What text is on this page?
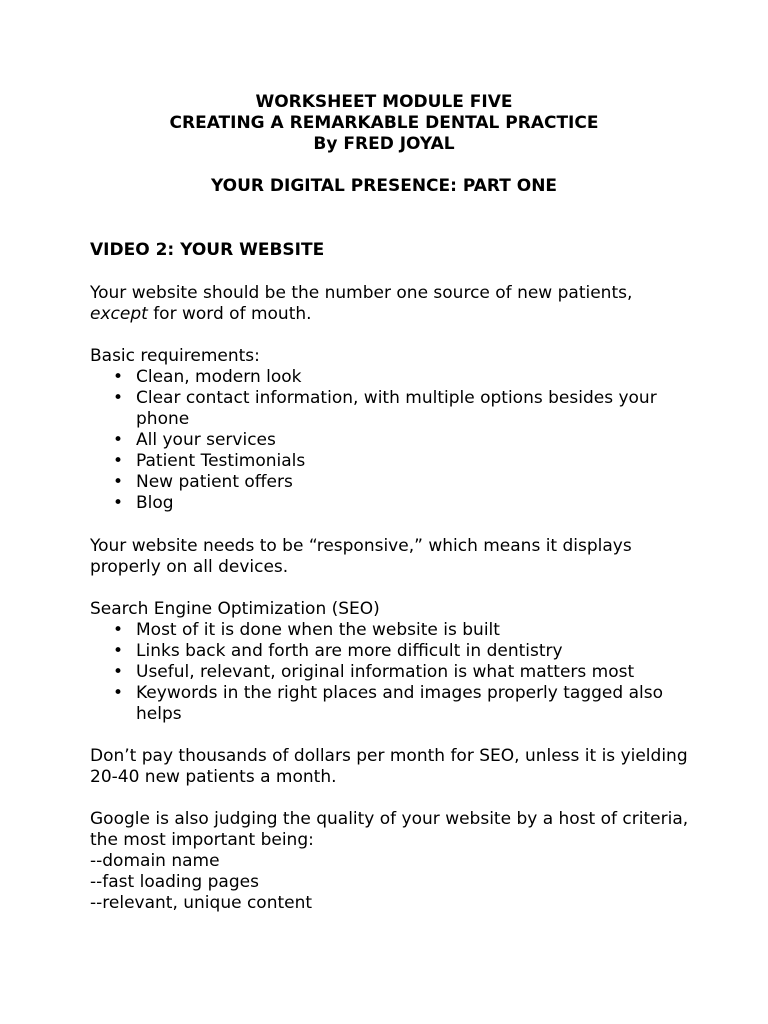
WORKSHEET MODULE FIVE
CREATING A REMARKABLE DENTAL PRACTICE
By FRED JOYAL
YOUR DIGITAL PRESENCE: PART ONE
VIDEO 2: YOUR WEBSITE
Your website should be the number one source of new patients, except for word of mouth.
Basic requirements:
• Clean, modern look
• Clear contact information, with multiple options besides your phone
• All your services
• Patient Testimonials
• New patient offers
• Blog
Your website needs to be “responsive,” which means it displays properly on all devices.
Search Engine Optimization (SEO)
• Most of it is done when the website is built
• Links back and forth are more difficult in dentistry
• Useful, relevant, original information is what matters most
• Keywords in the right places and images properly tagged also helps
Don’t pay thousands of dollars per month for SEO, unless it is yielding 20-40 new patients a month.
Google is also judging the quality of your website by a host of criteria, the most important being:
--domain name
--fast loading pages
--relevant, unique content
